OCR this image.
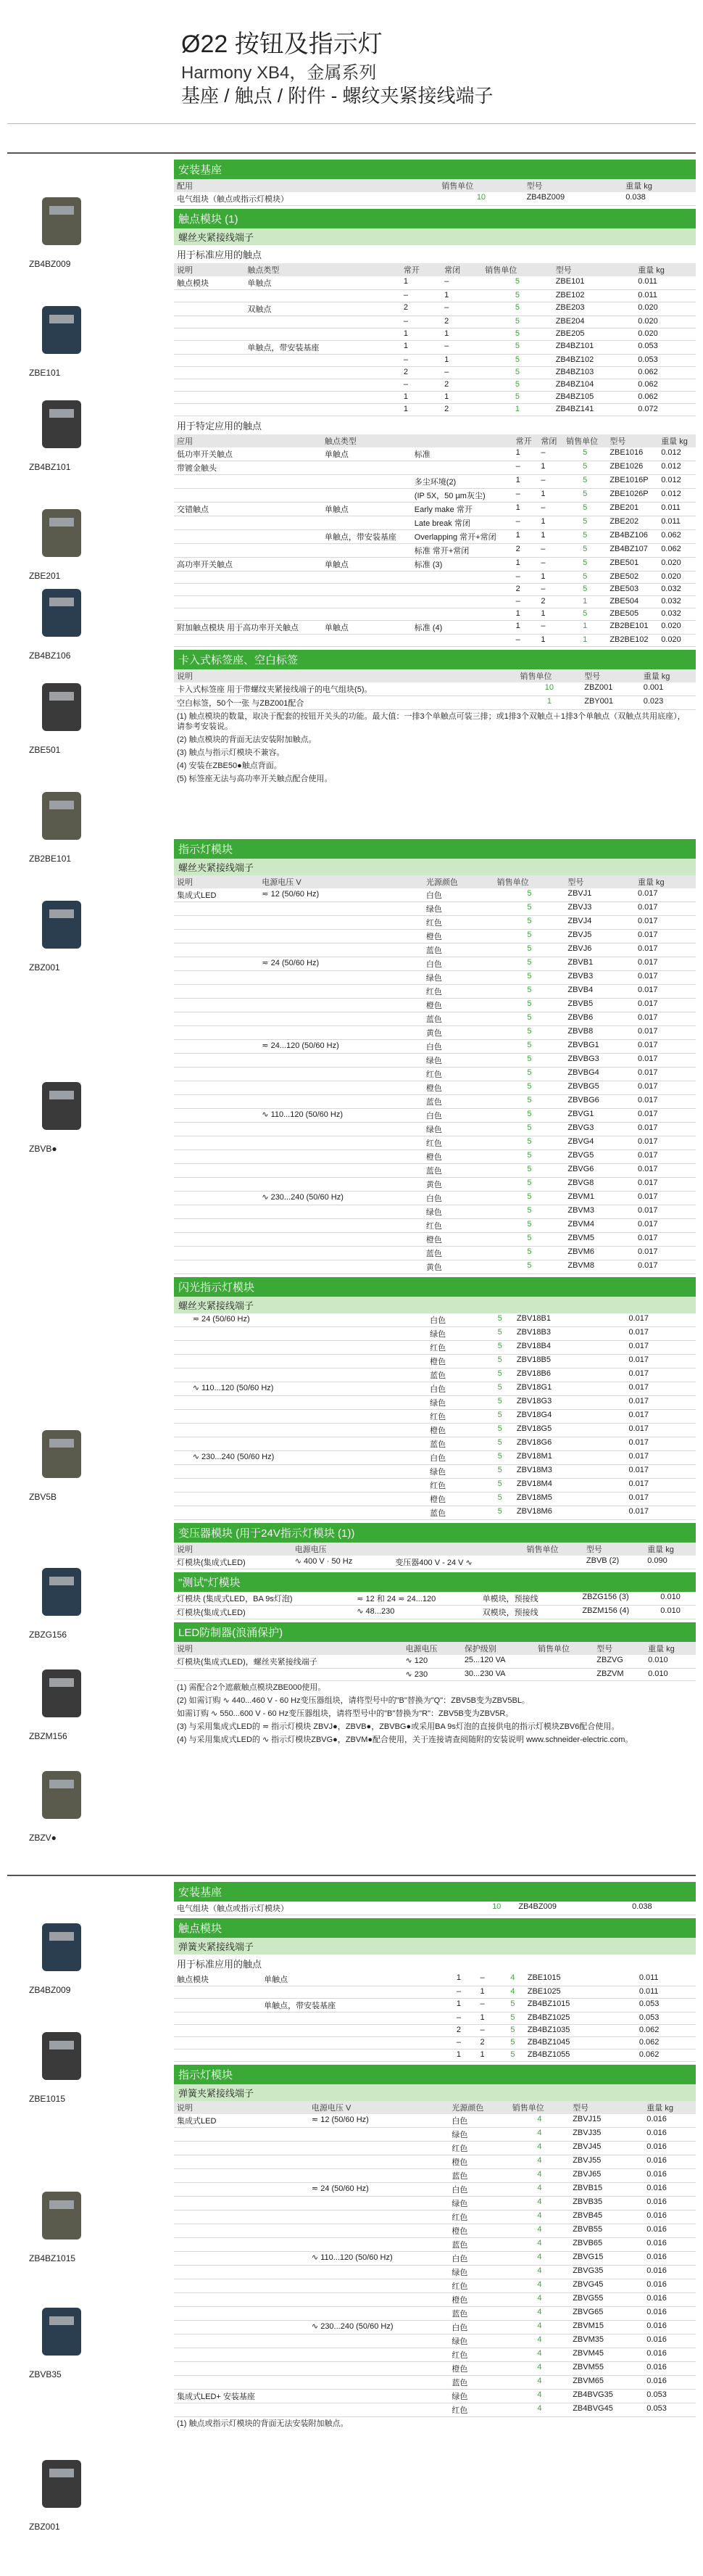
Ø22 按钮及指示灯
Harmony XB4，金属系列
基座 / 触点 / 附件 - 螺纹夹紧接线端子
ZB4BZ009
ZBE101
ZB4BZ101
ZBE201
ZB4BZ106
ZBE501
ZB2BE101
ZBZ001
ZBVB●
ZBV5B
ZBZG156
ZBZM156
ZBZV●
ZB4BZ009
ZBE1015
ZB4BZ1015
ZBVB35
ZBZ001
安装基座
配用	销售单位	型号	重量 kg
电气组块（触点或指示灯模块）	10	ZB4BZ009	0.038
触点模块 (1)
螺丝夹紧接线端子
用于标准应用的触点
说明	触点类型		常开	常闭	销售单位	型号	重量 kg
触点模块	单触点		1	–	5	ZBE101	0.011
			–	1	5	ZBE102	0.011
	双触点		2	–	5	ZBE203	0.020
			–	2	5	ZBE204	0.020
			1	1	5	ZBE205	0.020
	单触点，带安装基座		1	–	5	ZB4BZ101	0.053
			–	1	5	ZB4BZ102	0.053
			2	–	5	ZB4BZ103	0.062
			–	2	5	ZB4BZ104	0.062
			1	1	5	ZB4BZ105	0.062
			1	2	1	ZB4BZ141	0.072
用于特定应用的触点
应用	触点类型		常开	常闭	销售单位	型号	重量 kg
低功率开关触点	单触点	标准	1	–	5	ZBE1016	0.012
带镀金触头			–	1	5	ZBE1026	0.012
		多尘环境(2)	1	–	5	ZBE1016P	0.012
		(IP 5X，50 µm灰尘)	–	1	5	ZBE1026P	0.012
交错触点	单触点	Early make 常开	1	–	5	ZBE201	0.011
		Late break 常闭	–	1	5	ZBE202	0.011
	单触点，带安装基座	Overlapping 常开+常闭	1	1	5	ZB4BZ106	0.062
		标准 常开+常闭	2	–	5	ZB4BZ107	0.062
高功率开关触点	单触点	标准 (3)	1	–	5	ZBE501	0.020
			–	1	5	ZBE502	0.020
			2	–	5	ZBE503	0.032
			–	2	1	ZBE504	0.032
			1	1	5	ZBE505	0.032
附加触点模块 用于高功率开关触点	单触点	标准 (4)	1	–	1	ZB2BE101	0.020
			–	1	1	ZB2BE102	0.020
卡入式标签座、空白标签
说明	销售单位	型号	重量 kg
卡入式标签座 用于带螺纹夹紧接线端子的电气组块(5)。	10	ZBZ001	0.001
空白标签，50个一张 与ZBZ001配合	1	ZBY001	0.023
(1) 触点模块的数量，取决于配套的按钮开关头的功能。最大值：一排3个单触点可装三排；或1排3个双触点＋1排3个单触点（双触点共用底座），请参考安装说。
(2) 触点模块的背面无法安装附加触点。
(3) 触点与指示灯模块不兼容。
(4) 安装在ZBE50●触点背面。
(5) 标签座无法与高功率开关触点配合使用。
指示灯模块
螺丝夹紧接线端子
说明	电源电压 V	光源颜色	销售单位	型号	重量 kg
集成式LED	≂ 12 (50/60 Hz)	白色	5	ZBVJ1	0.017
		绿色	5	ZBVJ3	0.017
		红色	5	ZBVJ4	0.017
		橙色	5	ZBVJ5	0.017
		蓝色	5	ZBVJ6	0.017
	≂ 24 (50/60 Hz)	白色	5	ZBVB1	0.017
		绿色	5	ZBVB3	0.017
		红色	5	ZBVB4	0.017
		橙色	5	ZBVB5	0.017
		蓝色	5	ZBVB6	0.017
		黄色	5	ZBVB8	0.017
	≂ 24...120 (50/60 Hz)	白色	5	ZBVBG1	0.017
		绿色	5	ZBVBG3	0.017
		红色	5	ZBVBG4	0.017
		橙色	5	ZBVBG5	0.017
		蓝色	5	ZBVBG6	0.017
	∿ 110...120 (50/60 Hz)	白色	5	ZBVG1	0.017
		绿色	5	ZBVG3	0.017
		红色	5	ZBVG4	0.017
		橙色	5	ZBVG5	0.017
		蓝色	5	ZBVG6	0.017
		黄色	5	ZBVG8	0.017
	∿ 230...240 (50/60 Hz)	白色	5	ZBVM1	0.017
		绿色	5	ZBVM3	0.017
		红色	5	ZBVM4	0.017
		橙色	5	ZBVM5	0.017
		蓝色	5	ZBVM6	0.017
		黄色	5	ZBVM8	0.017
闪光指示灯模块
螺丝夹紧接线端子
	≂ 24 (50/60 Hz)	白色	5	ZBV18B1	0.017
		绿色	5	ZBV18B3	0.017
		红色	5	ZBV18B4	0.017
		橙色	5	ZBV18B5	0.017
		蓝色	5	ZBV18B6	0.017
	∿ 110...120 (50/60 Hz)	白色	5	ZBV18G1	0.017
		绿色	5	ZBV18G3	0.017
		红色	5	ZBV18G4	0.017
		橙色	5	ZBV18G5	0.017
		蓝色	5	ZBV18G6	0.017
	∿ 230...240 (50/60 Hz)	白色	5	ZBV18M1	0.017
		绿色	5	ZBV18M3	0.017
		红色	5	ZBV18M4	0.017
		橙色	5	ZBV18M5	0.017
		蓝色	5	ZBV18M6	0.017
变压器模块 (用于24V指示灯模块 (1))
说明	电源电压		销售单位	型号	重量 kg
灯模块(集成式LED)	∿ 400 V · 50 Hz	变压器400 V - 24 V ∿		ZBVB (2)	0.090
"测试"灯模块
灯模块 (集成式LED，BA 9s灯泡)	≂ 12 和 24 ≂ 24...120	单模块，预接线		ZBZG156 (3)	0.010
灯模块(集成式LED)	∿ 48...230	双模块，预接线		ZBZM156 (4)	0.010
LED防制器(浪涌保护)
说明	电源电压	保护级别	销售单位	型号	重量 kg
灯模块(集成式LED)，螺丝夹紧接线端子	∿ 120	25...120 VA		ZBZVG	0.010
	∿ 230	30...230 VA		ZBZVM	0.010
(1) 需配合2个遮蔽触点模块ZBE000使用。
(2) 如需订购 ∿ 440...460 V - 60 Hz变压器组块，请将型号中的"B"替换为"Q"：ZBV5B变为ZBV5BL。
如需订购 ∿ 550...600 V - 60 Hz变压器组块，请将型号中的"B"替换为"R"：ZBV5B变为ZBV5R。
(3) 与采用集成式LED的 ≂ 指示灯模块 ZBVJ●，ZBVB●，ZBVBG●或采用BA 9s灯泡的直接供电的指示灯模块ZBV6配合使用。
(4) 与采用集成式LED的 ∿ 指示灯模块ZBVG●，ZBVM●配合使用，关于连接请查阅随附的安装说明 www.schneider-electric.com。
安装基座
电气组块（触点或指示灯模块）	10	ZB4BZ009	0.038
触点模块
弹簧夹紧接线端子
用于标准应用的触点
触点模块	单触点		1	–	4	ZBE1015	0.011
			–	1	4	ZBE1025	0.011
	单触点，带安装基座		1	–	5	ZB4BZ1015	0.053
			–	1	5	ZB4BZ1025	0.053
			2	–	5	ZB4BZ1035	0.062
			–	2	5	ZB4BZ1045	0.062
			1	1	5	ZB4BZ1055	0.062
指示灯模块
弹簧夹紧接线端子
说明	电源电压 V	光源颜色	销售单位	型号	重量 kg
集成式LED	≂ 12 (50/60 Hz)	白色	4	ZBVJ15	0.016
		绿色	4	ZBVJ35	0.016
		红色	4	ZBVJ45	0.016
		橙色	4	ZBVJ55	0.016
		蓝色	4	ZBVJ65	0.016
	≂ 24 (50/60 Hz)	白色	4	ZBVB15	0.016
		绿色	4	ZBVB35	0.016
		红色	4	ZBVB45	0.016
		橙色	4	ZBVB55	0.016
		蓝色	4	ZBVB65	0.016
	∿ 110...120 (50/60 Hz)	白色	4	ZBVG15	0.016
		绿色	4	ZBVG35	0.016
		红色	4	ZBVG45	0.016
		橙色	4	ZBVG55	0.016
		蓝色	4	ZBVG65	0.016
	∿ 230...240 (50/60 Hz)	白色	4	ZBVM15	0.016
		绿色	4	ZBVM35	0.016
		红色	4	ZBVM45	0.016
		橙色	4	ZBVM55	0.016
		蓝色	4	ZBVM65	0.016
集成式LED+ 安装基座		绿色	4	ZB4BVG35	0.053
		红色	4	ZB4BVG45	0.053
(1) 触点或指示灯模块的背面无法安装附加触点。
